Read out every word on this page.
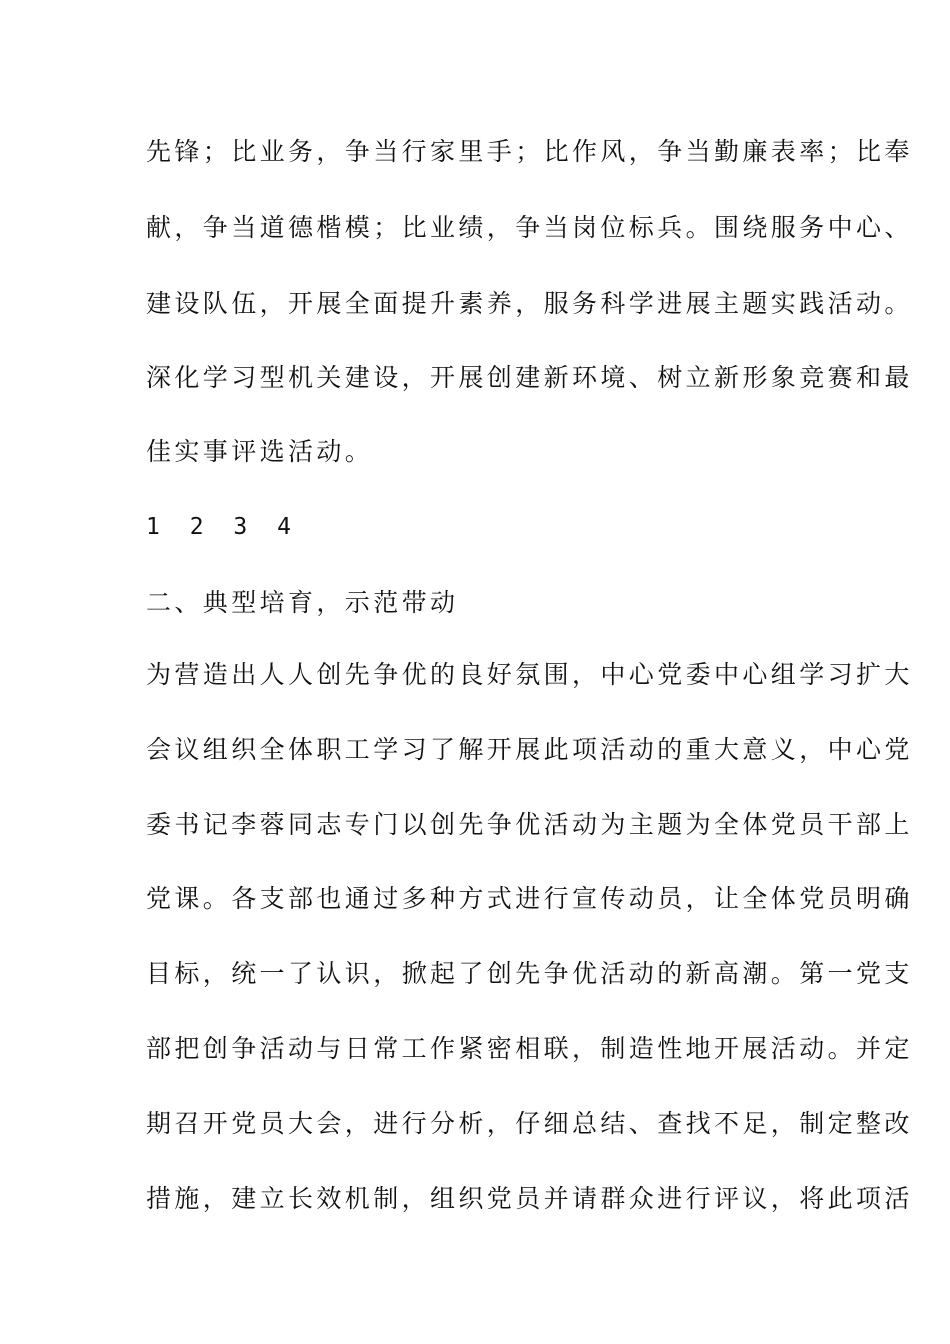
先锋；比业务，争当行家里手；比作风，争当勤廉表率；比奉
献，争当道德楷模；比业绩，争当岗位标兵。围绕服务中心、
建设队伍，开展全面提升素养，服务科学进展主题实践活动。
深化学习型机关建设，开展创建新环境、树立新形象竞赛和最
佳实事评选活动。
1 2 3 4
二、典型培育，示范带动
为营造出人人创先争优的良好氛围，中心党委中心组学习扩大
会议组织全体职工学习了解开展此项活动的重大意义，中心党
委书记李蓉同志专门以创先争优活动为主题为全体党员干部上
党课。各支部也通过多种方式进行宣传动员，让全体党员明确
目标，统一了认识，掀起了创先争优活动的新高潮。第一党支
部把创争活动与日常工作紧密相联，制造性地开展活动。并定
期召开党员大会，进行分析，仔细总结、查找不足，制定整改
措施，建立长效机制，组织党员并请群众进行评议，将此项活
